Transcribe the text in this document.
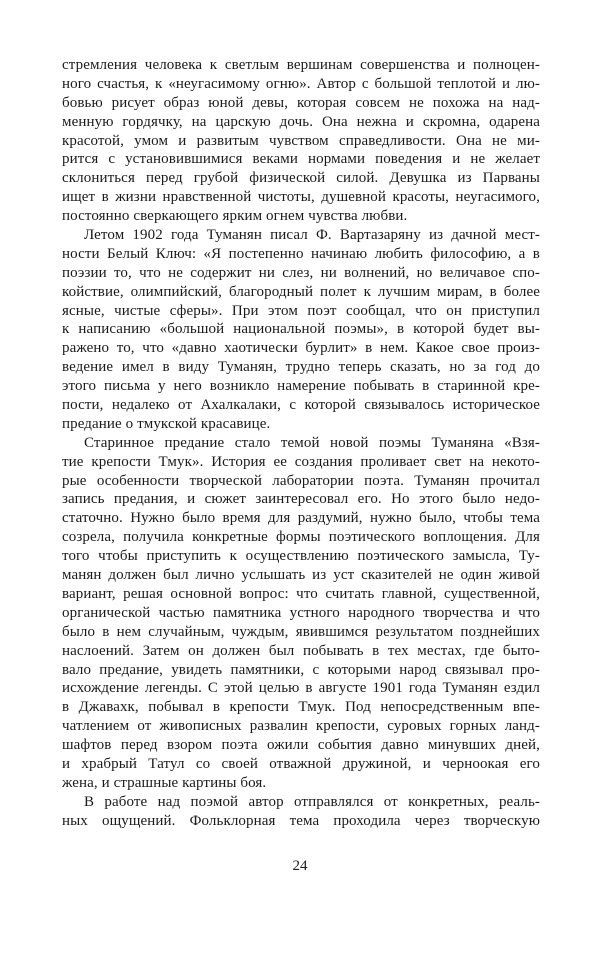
стремления человека к светлым вершинам совершенства и полноцен-
ного счастья, к «неугасимому огню». Автор с большой теплотой и лю-
бовью рисует образ юной девы, которая совсем не похожа на над-
менную гордячку, на царскую дочь. Она нежна и скромна, одарена
красотой, умом и развитым чувством справедливости. Она не ми-
рится с установившимися веками нормами поведения и не желает
склониться перед грубой физической силой. Девушка из Парваны
ищет в жизни нравственной чистоты, душевной красоты, неугасимого,
постоянно сверкающего ярким огнем чувства любви.
Летом 1902 года Туманян писал Ф. Вартазаряну из дачной мест-
ности Белый Ключ: «Я постепенно начинаю любить философию, а в
поэзии то, что не содержит ни слез, ни волнений, но величавое спо-
койствие, олимпийский, благородный полет к лучшим мирам, в более
ясные, чистые сферы». При этом поэт сообщал, что он приступил
к написанию «большой национальной поэмы», в которой будет вы-
ражено то, что «давно хаотически бурлит» в нем. Какое свое произ-
ведение имел в виду Туманян, трудно теперь сказать, но за год до
этого письма у него возникло намерение побывать в старинной кре-
пости, недалеко от Ахалкалаки, с которой связывалось историческое
предание о тмукской красавице.
Старинное предание стало темой новой поэмы Туманяна «Взя-
тие крепости Тмук». История ее создания проливает свет на некото-
рые особенности творческой лаборатории поэта. Туманян прочитал
запись предания, и сюжет заинтересовал его. Но этого было недо-
статочно. Нужно было время для раздумий, нужно было, чтобы тема
созрела, получила конкретные формы поэтического воплощения. Для
того чтобы приступить к осуществлению поэтического замысла, Ту-
манян должен был лично услышать из уст сказителей не один живой
вариант, решая основной вопрос: что считать главной, существенной,
органической частью памятника устного народного творчества и что
было в нем случайным, чуждым, явившимся результатом позднейших
наслоений. Затем он должен был побывать в тех местах, где быто-
вало предание, увидеть памятники, с которыми народ связывал про-
исхождение легенды. С этой целью в августе 1901 года Туманян ездил
в Джавахк, побывал в крепости Тмук. Под непосредственным впе-
чатлением от живописных развалин крепости, суровых горных ланд-
шафтов перед взором поэта ожили события давно минувших дней,
и храбрый Татул со своей отважной дружиной, и черноокая его
жена, и страшные картины боя.
В работе над поэмой автор отправлялся от конкретных, реаль-
ных ощущений. Фольклорная тема проходила через творческую
24
